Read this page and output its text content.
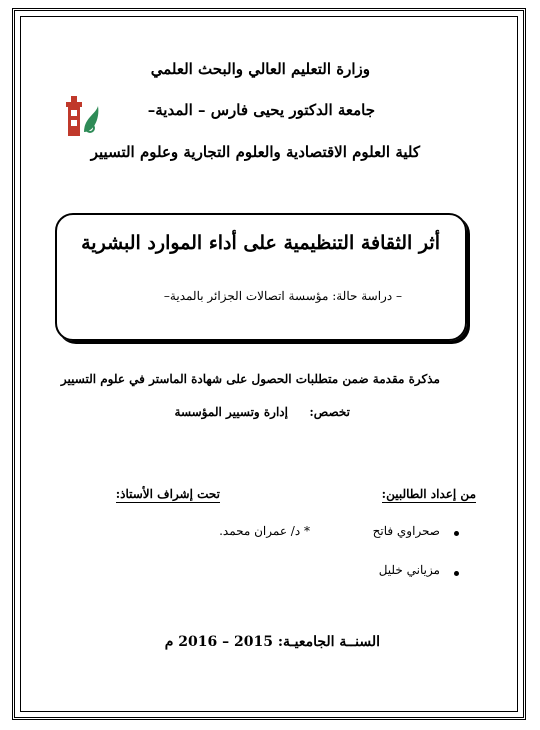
وزارة التعليم العالي والبحث العلمي
جامعة الدكتور يحيى فارس – المدية–
كلية العلوم الاقتصادية والعلوم التجارية وعلوم التسيير
أثر الثقافة التنظيمية على أداء الموارد البشرية
– دراسة حالة: مؤسسة اتصالات الجزائر بالمدية–
مذكرة مقدمة ضمن متطلبات الحصول على شهادة الماستر في علوم التسيير
تخصص:
إدارة وتسيير المؤسسة
من إعداد الطالبين:
تحت إشراف الأستاذ:
صحراوي فاتح
* د/ عمران محمد.
مزياني خليل
السنــة الجامعيـة: 2015 – 2016 م
